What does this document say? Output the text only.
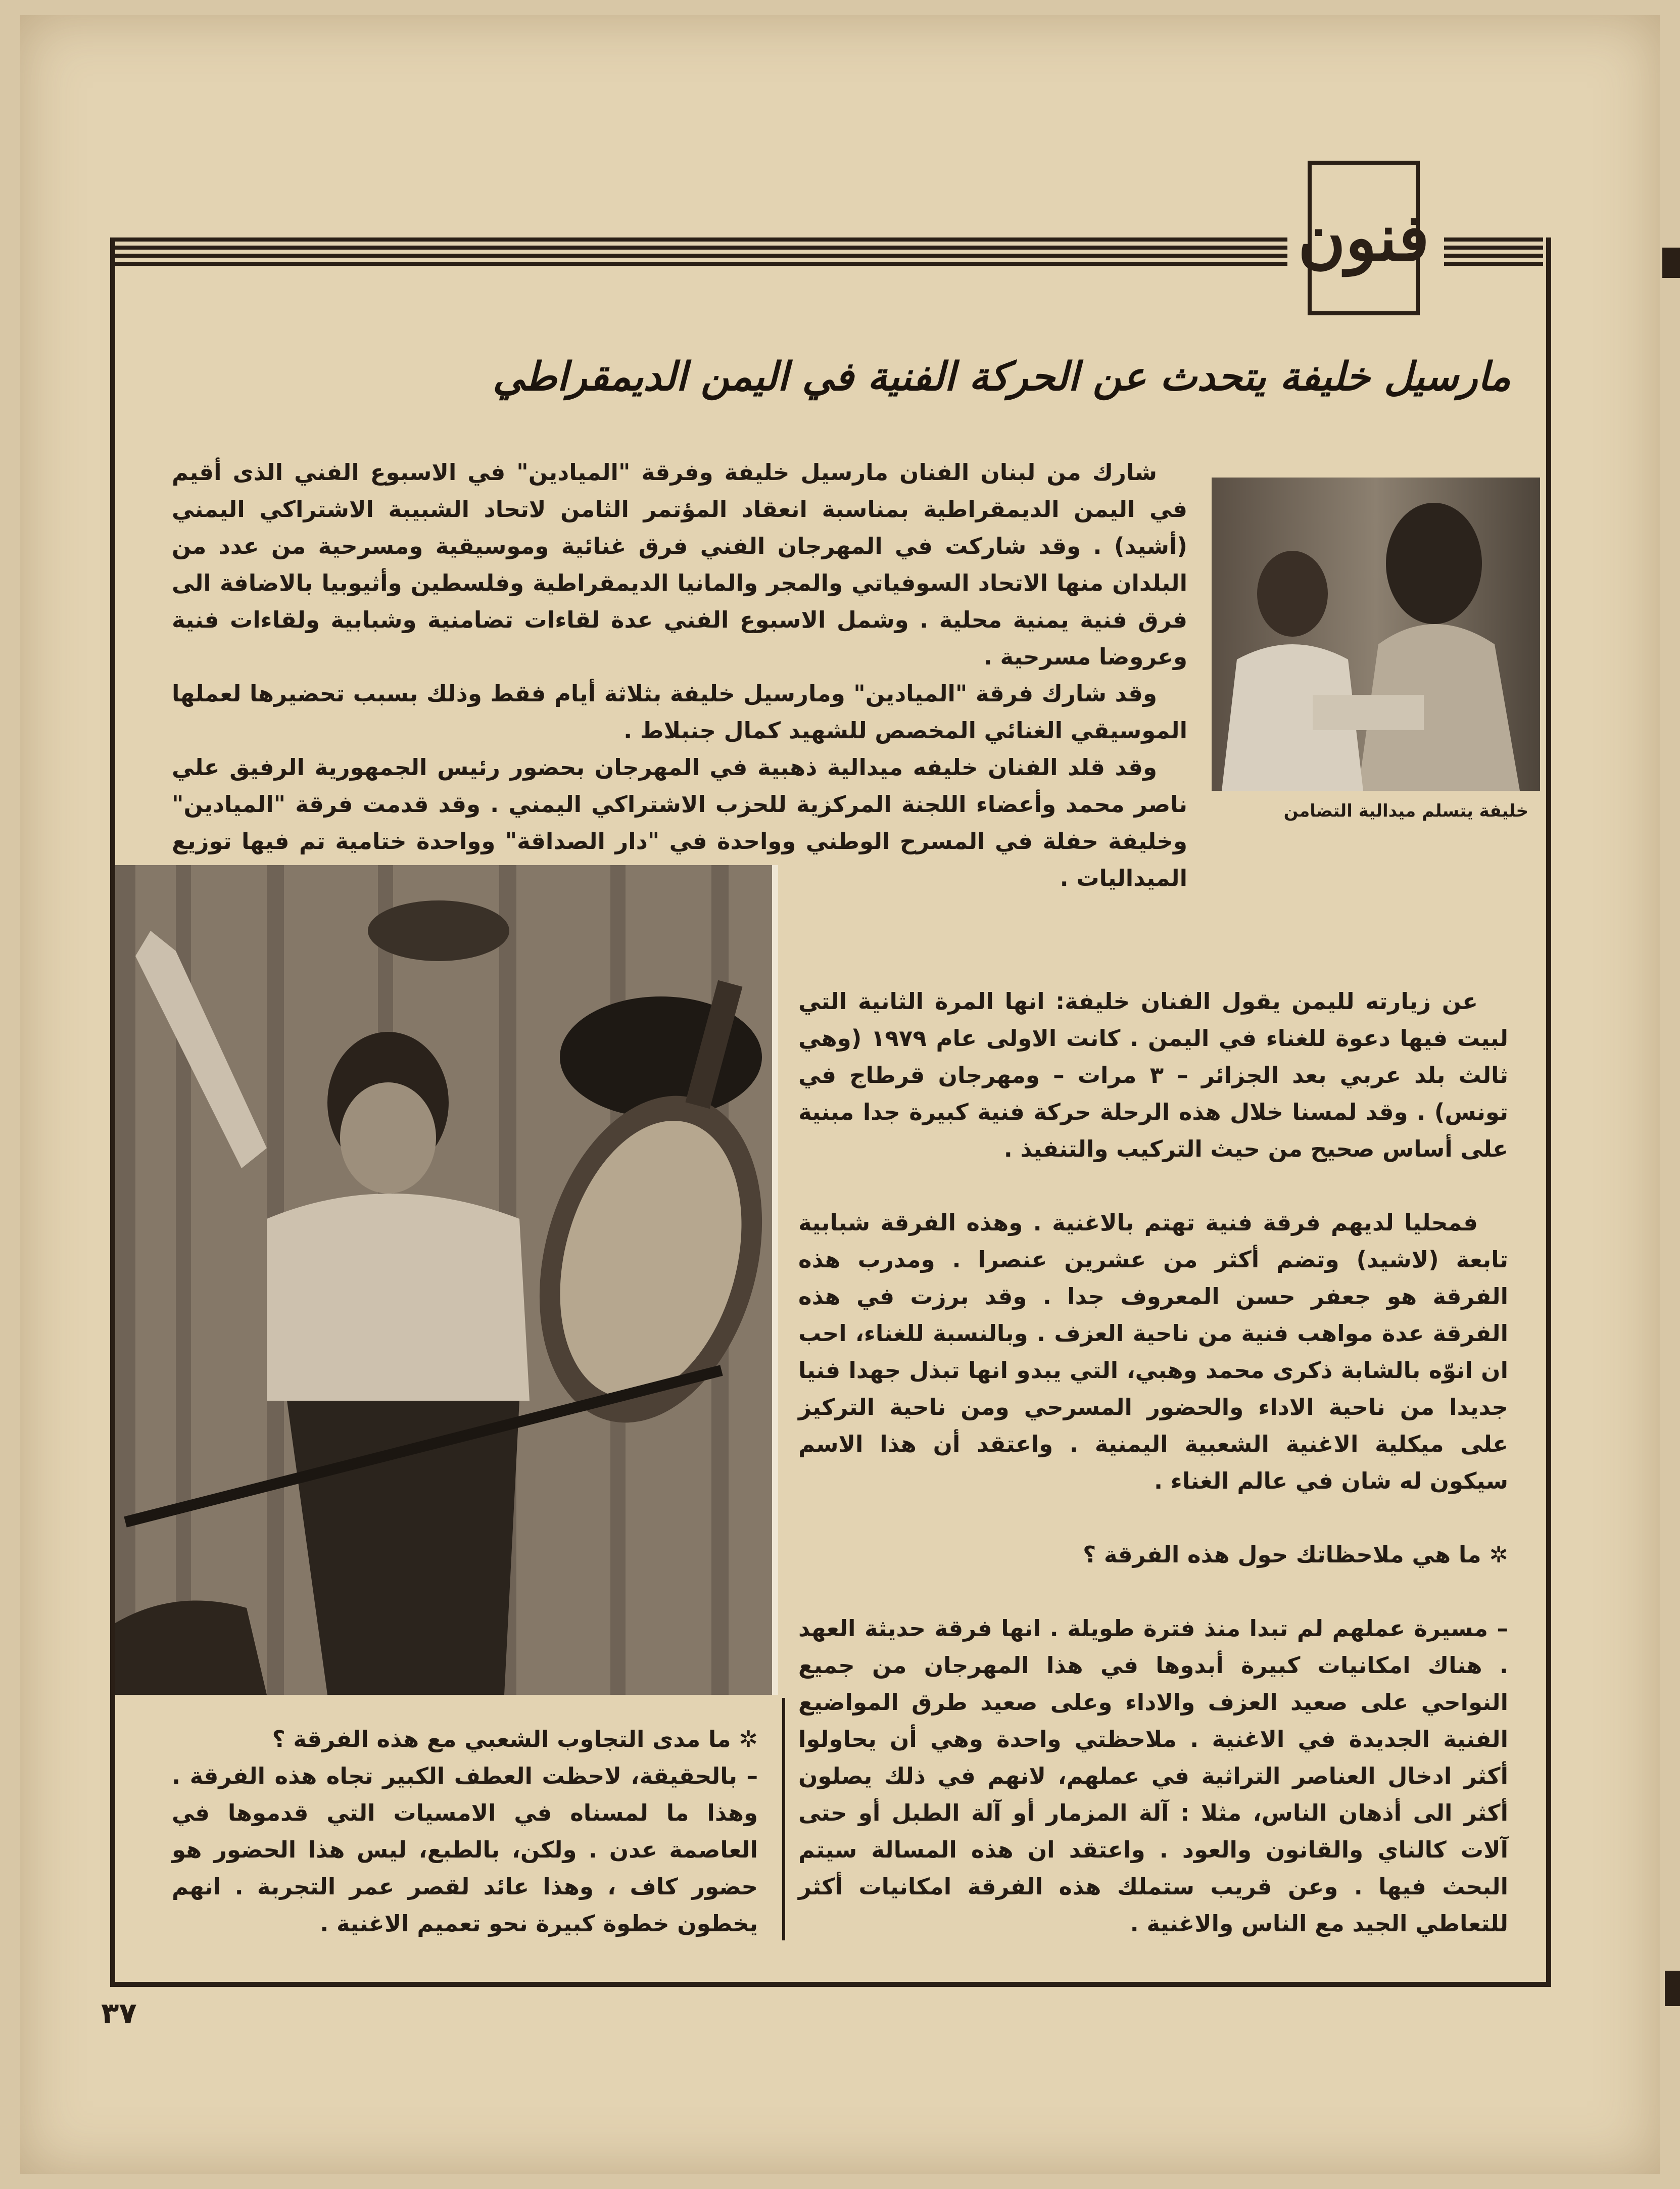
فنون
مارسيل خليفة يتحدث عن الحركة الفنية في اليمن الديمقراطي
خليفة يتسلم ميدالية التضامن

شارك من لبنان الفنان مارسيل خليفة وفرقة "الميادين" في الاسبوع الفني الذى أقيم في اليمن الديمقراطية بمناسبة انعقاد المؤتمر الثامن لاتحاد الشبيبة الاشتراكي اليمني (أشيد) . وقد شاركت في المهرجان الفني فرق غنائية وموسيقية ومسرحية من عدد من البلدان منها الاتحاد السوفياتي والمجر والمانيا الديمقراطية وفلسطين وأثيوبيا بالاضافة الى فرق فنية يمنية محلية . وشمل الاسبوع الفني عدة لقاءات تضامنية وشبابية ولقاءات فنية وعروضا مسرحية .

وقد شارك فرقة "الميادين" ومارسيل خليفة بثلاثة أيام فقط وذلك بسبب تحضيرها لعملها الموسيقي الغنائي المخصص للشهيد كمال جنبلاط .

وقد قلد الفنان خليفه ميدالية ذهبية في المهرجان بحضور رئيس الجمهورية الرفيق علي ناصر محمد وأعضاء اللجنة المركزية للحزب الاشتراكي اليمني . وقد قدمت فرقة "الميادين" وخليفة حفلة في المسرح الوطني وواحدة في "دار الصداقة" وواحدة ختامية تم فيها توزيع الميداليات .

عن زيارته لليمن يقول الفنان خليفة: انها المرة الثانية التي لبيت فيها دعوة للغناء في اليمن . كانت الاولى عام ١٩٧٩ (وهي ثالث بلد عربي بعد الجزائر – ٣ مرات – ومهرجان قرطاج في تونس) . وقد لمسنا خلال هذه الرحلة حركة فنية كبيرة جدا مبنية على أساس صحيح من حيث التركيب والتنفيذ .

فمحليا لديهم فرقة فنية تهتم بالاغنية . وهذه الفرقة شبابية تابعة (لاشيد) وتضم أكثر من عشرين عنصرا . ومدرب هذه الفرقة هو جعفر حسن المعروف جدا . وقد برزت في هذه الفرقة عدة مواهب فنية من ناحية العزف . وبالنسبة للغناء، احب ان انوّه بالشابة ذكرى محمد وهبي، التي يبدو انها تبذل جهدا فنيا جديدا من ناحية الاداء والحضور المسرحي ومن ناحية التركيز على ميكلية الاغنية الشعبية اليمنية . واعتقد أن هذا الاسم سيكون له شان في عالم الغناء .

✲ ما هي ملاحظاتك حول هذه الفرقة ؟

– مسيرة عملهم لم تبدا منذ فترة طويلة . انها فرقة حديثة العهد . هناك امكانيات كبيرة أبدوها في هذا المهرجان من جميع النواحي على صعيد العزف والاداء وعلى صعيد طرق المواضيع الفنية الجديدة في الاغنية . ملاحظتي واحدة وهي أن يحاولوا أكثر ادخال العناصر التراثية في عملهم، لانهم في ذلك يصلون أكثر الى أذهان الناس، مثلا : آلة المزمار أو آلة الطبل أو حتى آلات كالناي والقانون والعود . واعتقد ان هذه المسالة سيتم البحث فيها . وعن قريب ستملك هذه الفرقة امكانيات أكثر للتعاطي الجيد مع الناس والاغنية .

✲ ما مدى التجاوب الشعبي مع هذه الفرقة ؟

– بالحقيقة، لاحظت العطف الكبير تجاه هذه الفرقة . وهذا ما لمسناه في الامسيات التي قدموها في العاصمة عدن . ولكن، بالطبع، ليس هذا الحضور هو حضور كاف ، وهذا عائد لقصر عمر التجربة . انهم يخطون خطوة كبيرة نحو تعميم الاغنية .

٣٧
